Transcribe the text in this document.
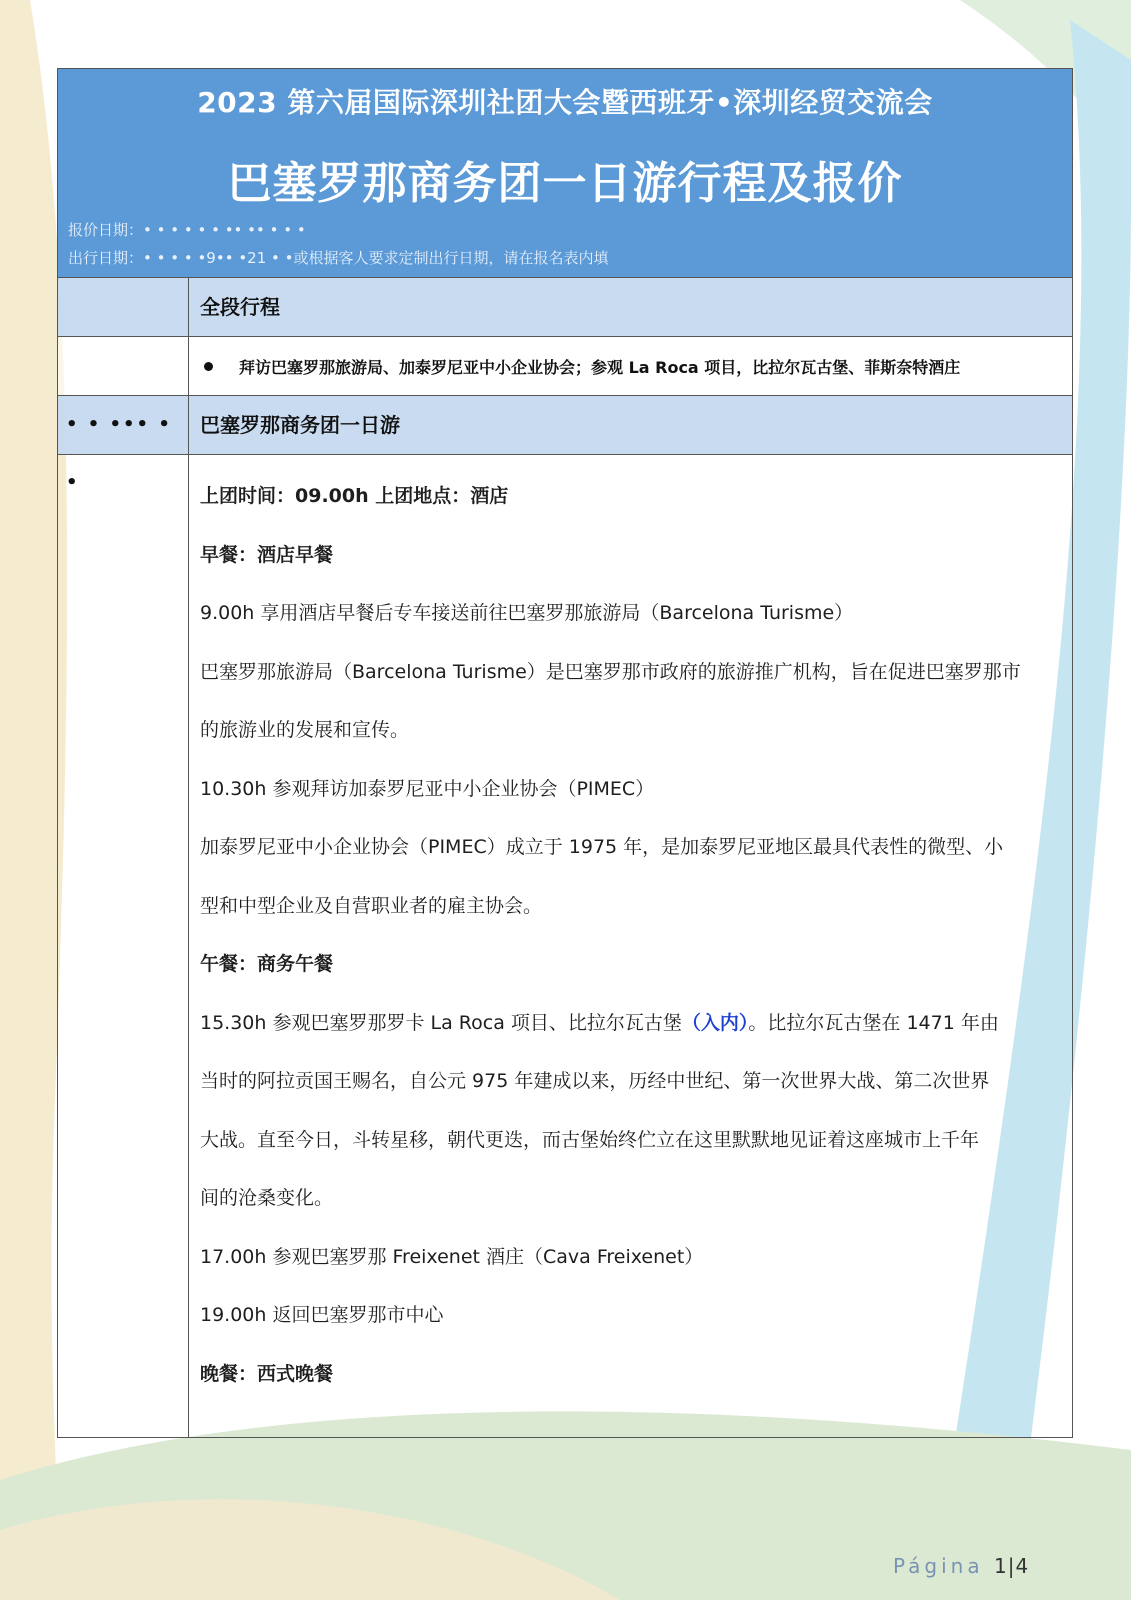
2023 第六届国际深圳社团大会暨西班牙•深圳经贸交流会
巴塞罗那商务团一日游行程及报价
报价日期：• • • • • • •• •• • • •
出行日期：• • • • •9•• •21 • •或根据客人要求定制出行日期，请在报名表内填
全段行程
拜访巴塞罗那旅游局、加泰罗尼亚中小企业协会；参观 La Roca 项目，比拉尔瓦古堡、菲斯奈特酒庄
• • ••• • •
巴塞罗那商务团一日游

上团时间：09.00h 上团地点：酒店

早餐：酒店早餐

9.00h 享用酒店早餐后专车接送前往巴塞罗那旅游局（Barcelona Turisme）

巴塞罗那旅游局（Barcelona Turisme）是巴塞罗那市政府的旅游推广机构，旨在促进巴塞罗那市

的旅游业的发展和宣传。

10.30h 参观拜访加泰罗尼亚中小企业协会（PIMEC）

加泰罗尼亚中小企业协会（PIMEC）成立于 1975 年，是加泰罗尼亚地区最具代表性的微型、小

型和中型企业及自营职业者的雇主协会。

午餐：商务午餐

15.30h 参观巴塞罗那罗卡 La Roca 项目、比拉尔瓦古堡（入内）。比拉尔瓦古堡在 1471 年由

当时的阿拉贡国王赐名，自公元 975 年建成以来，历经中世纪、第一次世界大战、第二次世界

大战。直至今日，斗转星移，朝代更迭，而古堡始终伫立在这里默默地见证着这座城市上千年

间的沧桑变化。

17.00h 参观巴塞罗那 Freixenet 酒庄（Cava Freixenet）

19.00h 返回巴塞罗那市中心

晚餐：西式晚餐

Página 1|4
